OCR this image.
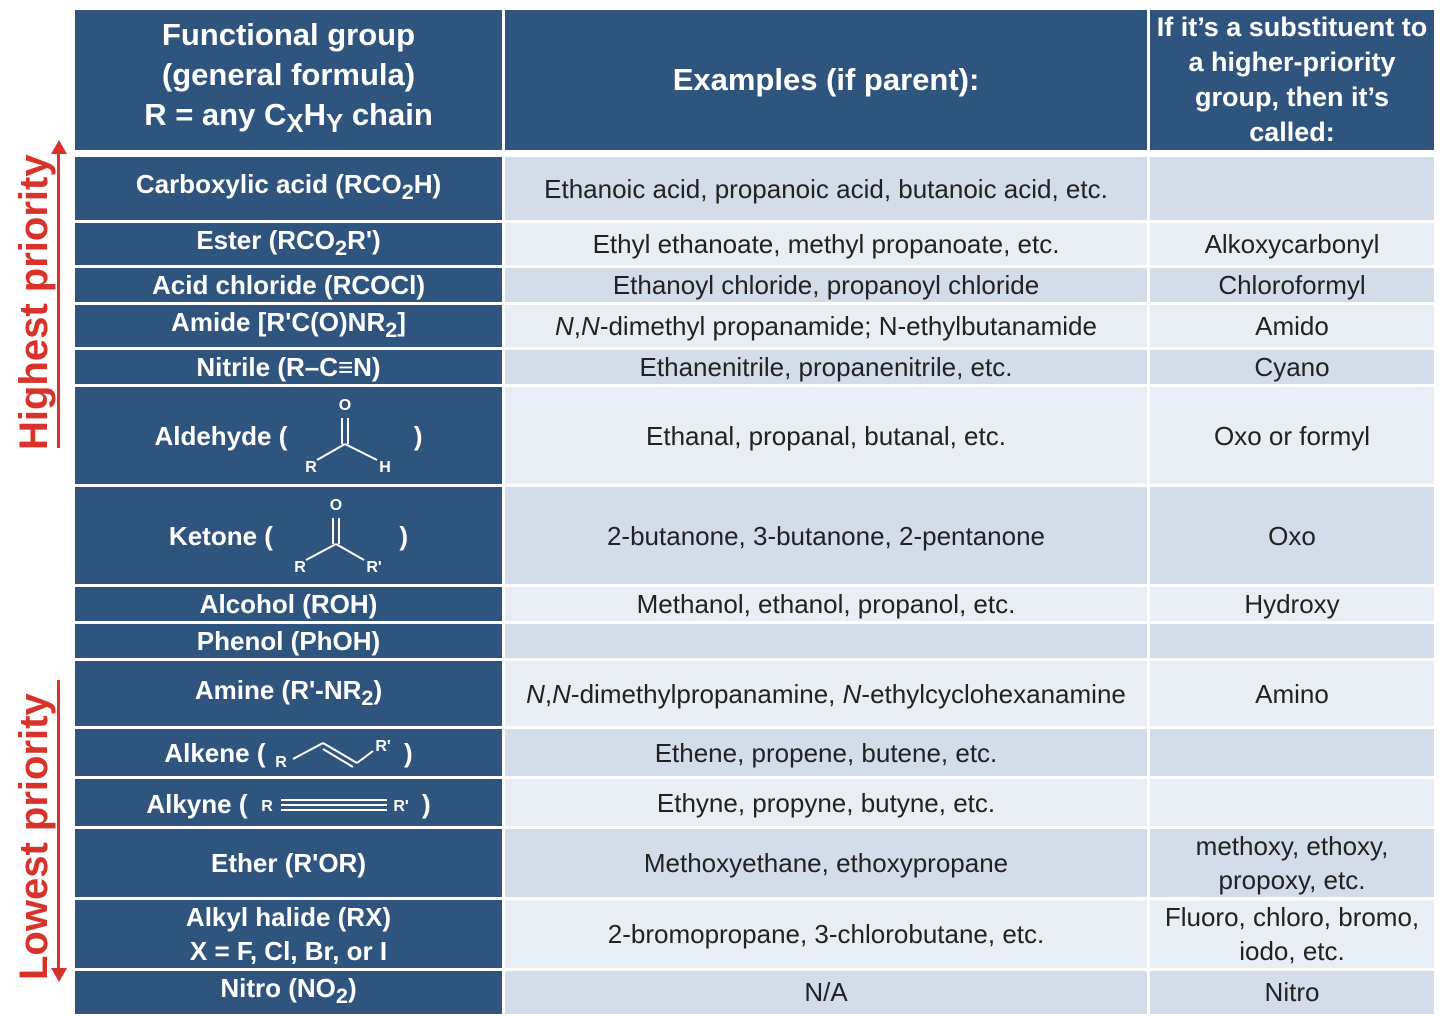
Highest priority
Lowest priority
Functional group
(general formula)
R = any $C_XH_Y$ chain	Examples (if parent):	If it’s a substituent to a higher-priority group, then it’s called:
Carboxylic acid $(RCO_2H)$	Ethanoic acid, propanoic acid, butanoic acid, etc.	
Ester $(RCO_2R')$	Ethyl ethanoate, methyl propanoate, etc.	Alkoxycarbonyl
Acid chloride (RCOCl)	Ethanoyl chloride, propanoyl chloride	Chloroformyl
Amide $[R'C(O)NR_2]$	N,N-dimethyl propanamide; N-ethylbutanamide	Amido
Nitrile (R–C≡N)	Ethanenitrile, propanenitrile, etc.	Cyano
Aldehyde (
O
R H
)	Ethanal, propanal, butanal, etc.	Oxo or formyl
Ketone (
O
R R'
)	2-butanone, 3-butanone, 2-pentanone	Oxo
Alcohol (ROH)	Methanol, ethanol, propanol, etc.	Hydroxy
Phenol (PhOH)		
Amine $(R'-NR_2)$	N,N-dimethylpropanamine, N-ethylcyclohexanamine	Amino
Alkene ( R
R' )	Ethene, propene, butene, etc.	
Alkyne ( R R' )	Ethyne, propyne, butyne, etc.	
Ether (R'OR)	Methoxyethane, ethoxypropane	methoxy, ethoxy, propoxy, etc.

Alkyl halide (RX)
X = F, Cl, Br, or I	2-bromopropane, 3-chlorobutane, etc.	Fluoro, chloro, bromo, iodo, etc.
Nitro $(NO_2)$	N/A	Nitro
